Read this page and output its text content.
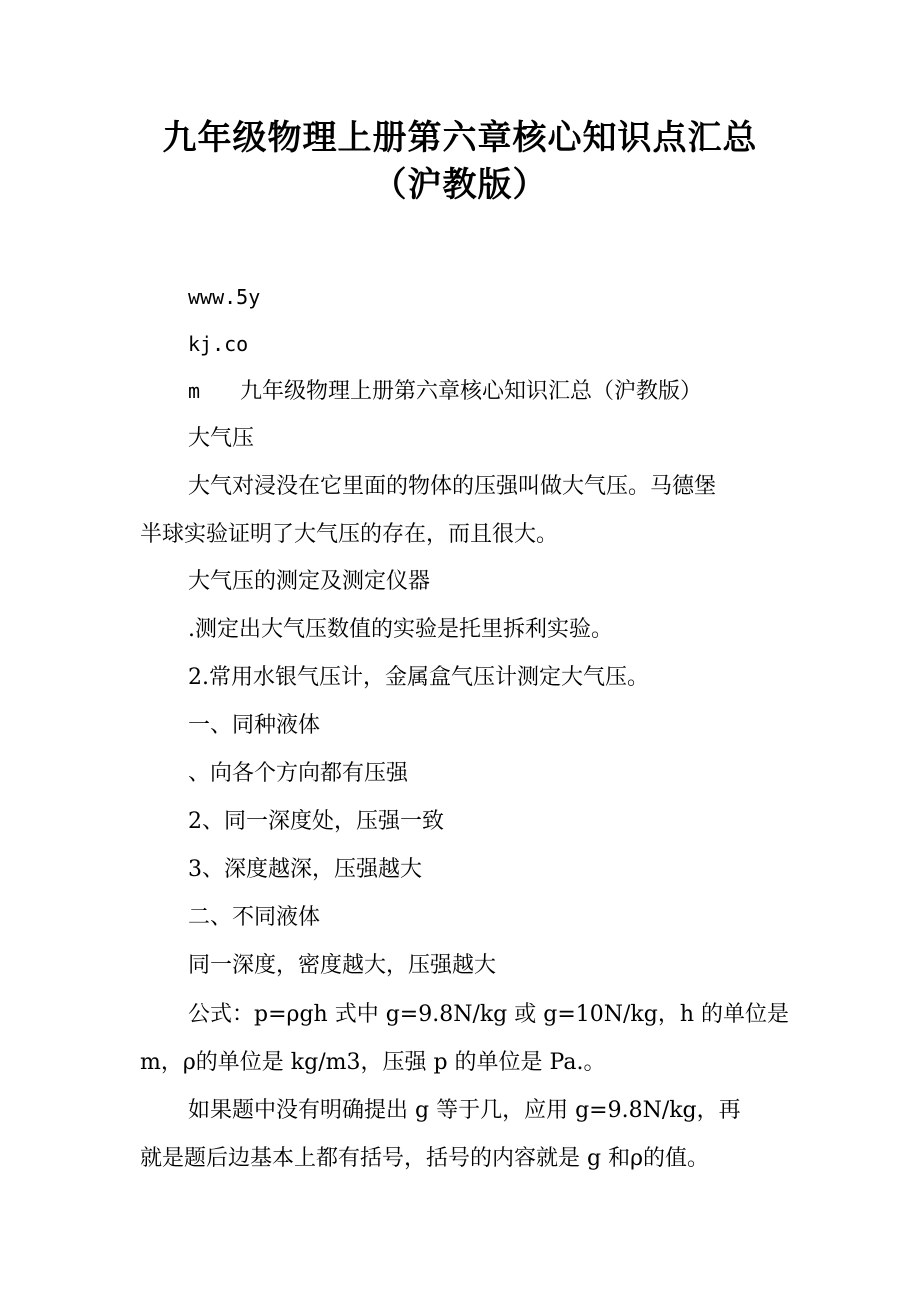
九年级物理上册第六章核心知识点汇总
（沪教版）
www.5y
kj.co
m 九年级物理上册第六章核心知识汇总（沪教版）
大气压
大气对浸没在它里面的物体的压强叫做大气压。马德堡
半球实验证明了大气压的存在，而且很大。
大气压的测定及测定仪器
.测定出大气压数值的实验是托里拆利实验。
2.常用水银气压计，金属盒气压计测定大气压。
一、同种液体
、向各个方向都有压强
2、同一深度处，压强一致
3、深度越深，压强越大
二、不同液体
同一深度，密度越大，压强越大
公式：p=ρgh 式中 g=9.8N/kg 或 g=10N/kg，h 的单位是
m，ρ的单位是 kg/m3，压强 p 的单位是 Pa.。
如果题中没有明确提出 g 等于几，应用 g=9.8N/kg，再
就是题后边基本上都有括号，括号的内容就是 g 和ρ的值。
